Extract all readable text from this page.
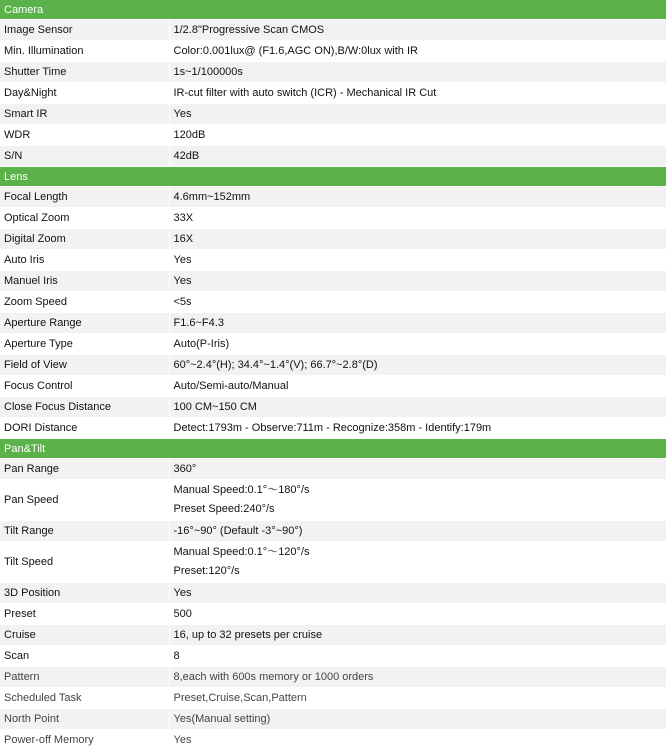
Camera	
Image Sensor	1/2.8"Progressive Scan CMOS
Min. Illumination	Color:0.001lux@ (F1.6,AGC ON),B/W:0lux with IR
Shutter Time	1s~1/100000s
Day&Night	IR-cut filter with auto switch (ICR) - Mechanical IR Cut
Smart IR	Yes
WDR	120dB
S/N	42dB
Lens	
Focal Length	4.6mm~152mm
Optical Zoom	33X
Digital Zoom	16X
Auto Iris	Yes
Manuel Iris	Yes
Zoom Speed	<5s
Aperture Range	F1.6~F4.3
Aperture Type	Auto(P-Iris)
Field of View	60°~2.4°(H); 34.4°~1.4°(V); 66.7°~2.8°(D)
Focus Control	Auto/Semi-auto/Manual
Close Focus Distance	100 CM~150 CM
DORI Distance	Detect:1793m - Observe:711m - Recognize:358m - Identify:179m
Pan&Tilt	
Pan Range	360°
Pan Speed	Manual Speed:0.1°～180°/s
Preset Speed:240°/s

Tilt Range	-16°~90° (Default -3°~90°)
Tilt Speed	Manual Speed:0.1°～120°/s
Preset:120°/s

3D Position	Yes
Preset	500
Cruise	16, up to 32 presets per cruise
Scan	8
Pattern	8,each with 600s memory or 1000 orders
Scheduled Task	Preset,Cruise,Scan,Pattern
North Point	Yes(Manual setting)
Power-off Memory	Yes
